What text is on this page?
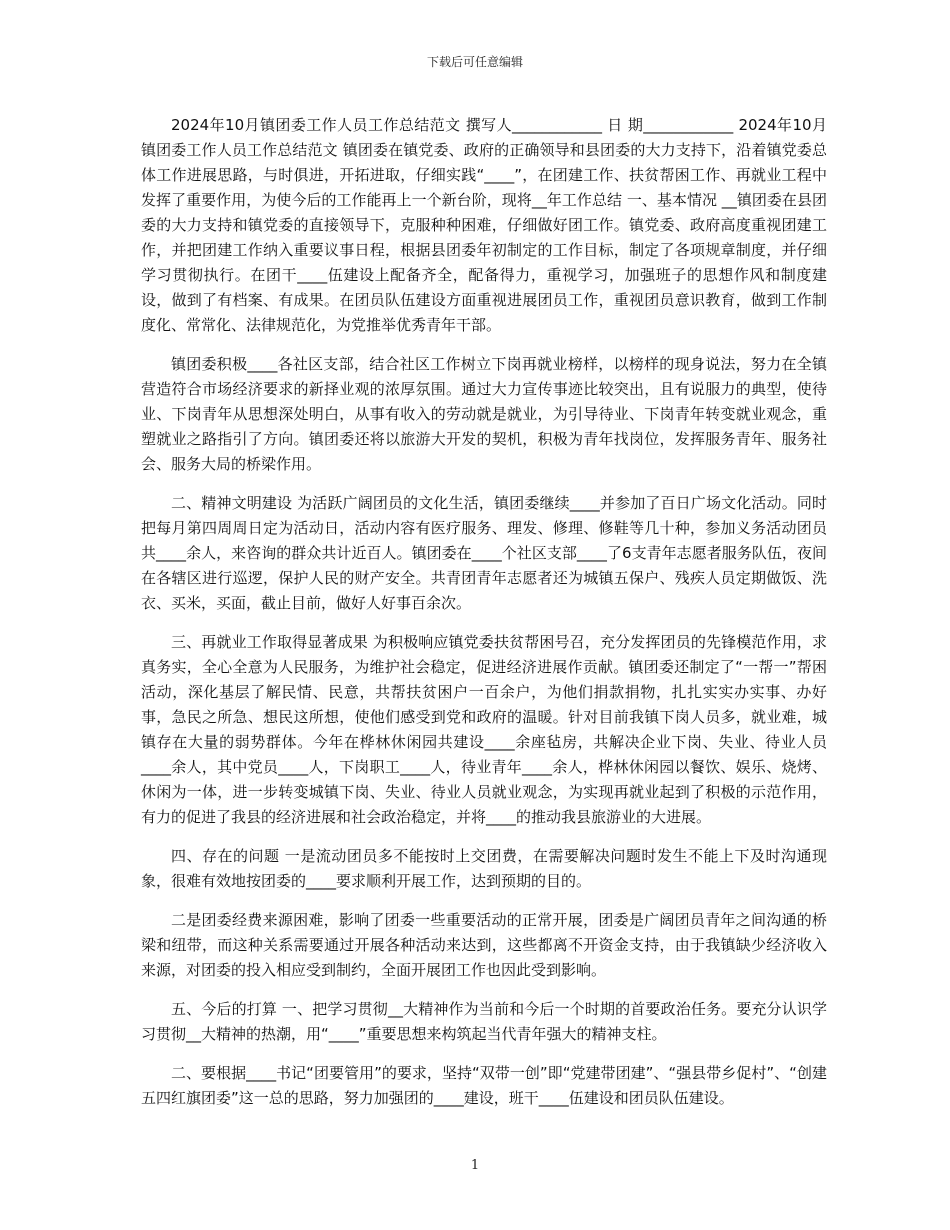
下载后可任意编辑

2024年10月镇团委工作人员工作总结范文 撰写人____________ 日 期____________ 2024年10月镇团委工作人员工作总结范文 镇团委在镇党委、政府的正确领导和县团委的大力支持下，沿着镇党委总体工作进展思路，与时俱进，开拓进取，仔细实践“____”，在团建工作、扶贫帮困工作、再就业工程中发挥了重要作用，为使今后的工作能再上一个新台阶，现将__年工作总结 一、基本情况 __镇团委在县团委的大力支持和镇党委的直接领导下，克服种种困难，仔细做好团工作。镇党委、政府高度重视团建工作，并把团建工作纳入重要议事日程，根据县团委年初制定的工作目标，制定了各项规章制度，并仔细学习贯彻执行。在团干____伍建设上配备齐全，配备得力，重视学习，加强班子的思想作风和制度建设，做到了有档案、有成果。在团员队伍建设方面重视进展团员工作，重视团员意识教育，做到工作制度化、常常化、法律规范化，为党推举优秀青年干部。

镇团委积极____各社区支部，结合社区工作树立下岗再就业榜样，以榜样的现身说法，努力在全镇营造符合市场经济要求的新择业观的浓厚氛围。通过大力宣传事迹比较突出，且有说服力的典型，使待业、下岗青年从思想深处明白，从事有收入的劳动就是就业，为引导待业、下岗青年转变就业观念，重塑就业之路指引了方向。镇团委还将以旅游大开发的契机，积极为青年找岗位，发挥服务青年、服务社会、服务大局的桥梁作用。

二、精神文明建设 为活跃广阔团员的文化生活，镇团委继续____并参加了百日广场文化活动。同时把每月第四周周日定为活动日，活动内容有医疗服务、理发、修理、修鞋等几十种，参加义务活动团员共____余人，来咨询的群众共计近百人。镇团委在____个社区支部____了6支青年志愿者服务队伍，夜间在各辖区进行巡逻，保护人民的财产安全。共青团青年志愿者还为城镇五保户、残疾人员定期做饭、洗衣、买米，买面，截止目前，做好人好事百余次。

三、再就业工作取得显著成果 为积极响应镇党委扶贫帮困号召，充分发挥团员的先锋模范作用，求真务实，全心全意为人民服务，为维护社会稳定，促进经济进展作贡献。镇团委还制定了“一帮一”帮困活动，深化基层了解民情、民意，共帮扶贫困户一百余户，为他们捐款捐物，扎扎实实办实事、办好事，急民之所急、想民这所想，使他们感受到党和政府的温暖。针对目前我镇下岗人员多，就业难，城镇存在大量的弱势群体。今年在桦林休闲园共建设____余座毡房，共解决企业下岗、失业、待业人员____余人，其中党员____人，下岗职工____人，待业青年____余人，桦林休闲园以餐饮、娱乐、烧烤、休闲为一体，进一步转变城镇下岗、失业、待业人员就业观念，为实现再就业起到了积极的示范作用，有力的促进了我县的经济进展和社会政治稳定，并将____的推动我县旅游业的大进展。

四、存在的问题 一是流动团员多不能按时上交团费，在需要解决问题时发生不能上下及时沟通现象，很难有效地按团委的____要求顺利开展工作，达到预期的目的。

二是团委经费来源困难，影响了团委一些重要活动的正常开展，团委是广阔团员青年之间沟通的桥梁和纽带，而这种关系需要通过开展各种活动来达到，这些都离不开资金支持，由于我镇缺少经济收入来源，对团委的投入相应受到制约，全面开展团工作也因此受到影响。

五、今后的打算 一、把学习贯彻__大精神作为当前和今后一个时期的首要政治任务。要充分认识学习贯彻__大精神的热潮，用“____”重要思想来构筑起当代青年强大的精神支柱。

二、要根据____书记“团要管用”的要求，坚持“双带一创”即“党建带团建”、“强县带乡促村”、“创建五四红旗团委”这一总的思路，努力加强团的____建设，班干____伍建设和团员队伍建设。

1
